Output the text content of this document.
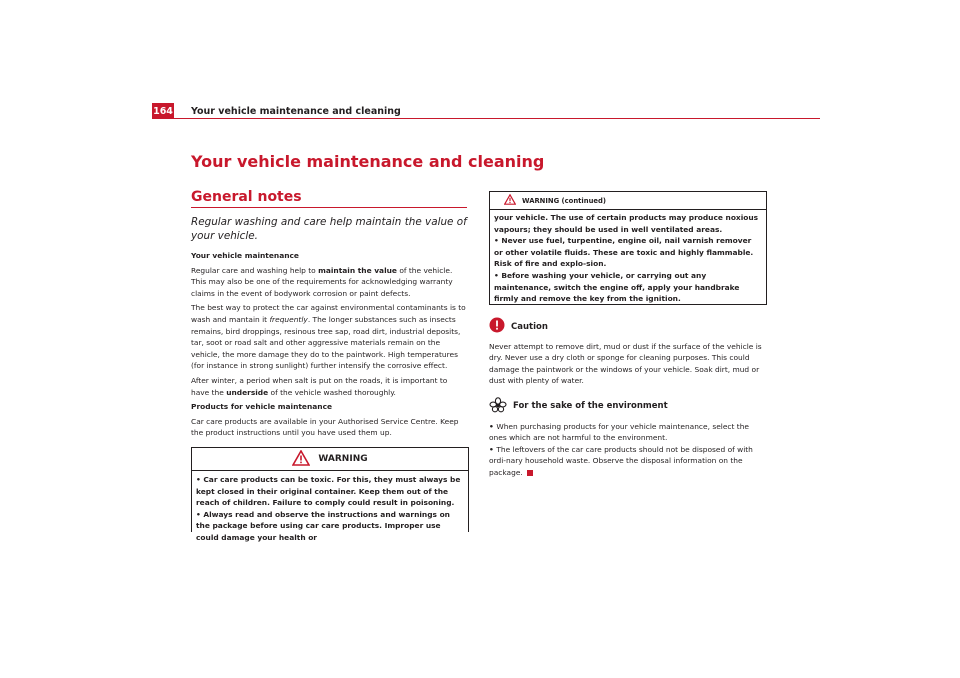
164 Your vehicle maintenance and cleaning
Your vehicle maintenance and cleaning
General notes
Regular washing and care help maintain the value of your vehicle.

Your vehicle maintenance

Regular care and washing help to maintain the value of the vehicle. This may also be one of the requirements for acknowledging warranty claims in the event of bodywork corrosion or paint defects.

The best way to protect the car against environmental contaminants is to wash and mantain it frequently. The longer substances such as insects remains, bird droppings, resinous tree sap, road dirt, industrial deposits, tar, soot or road salt and other aggressive materials remain on the vehicle, the more damage they do to the paintwork. High temperatures (for instance in strong sunlight) further intensify the corrosive effect.

After winter, a period when salt is put on the roads, it is important to have the underside of the vehicle washed thoroughly.

Products for vehicle maintenance

Car care products are available in your Authorised Service Centre. Keep the product instructions until you have used them up.

WARNING

• Car care products can be toxic. For this, they must always be kept closed in their original container. Keep them out of the reach of children. Failure to comply could result in poisoning.

• Always read and observe the instructions and warnings on the package before using car care products. Improper use could damage your health or

WARNING (continued)

your vehicle. The use of certain products may produce noxious vapours; they should be used in well ventilated areas.

• Never use fuel, turpentine, engine oil, nail varnish remover or other volatile fluids. These are toxic and highly flammable. Risk of fire and explo-sion.

• Before washing your vehicle, or carrying out any maintenance, switch the engine off, apply your handbrake firmly and remove the key from the ignition.

Caution

Never attempt to remove dirt, mud or dust if the surface of the vehicle is dry. Never use a dry cloth or sponge for cleaning purposes. This could damage the paintwork or the windows of your vehicle. Soak dirt, mud or dust with plenty of water.

For the sake of the environment

• When purchasing products for your vehicle maintenance, select the ones which are not harmful to the environment.

• The leftovers of the car care products should not be disposed of with ordi-nary household waste. Observe the disposal information on the package.
